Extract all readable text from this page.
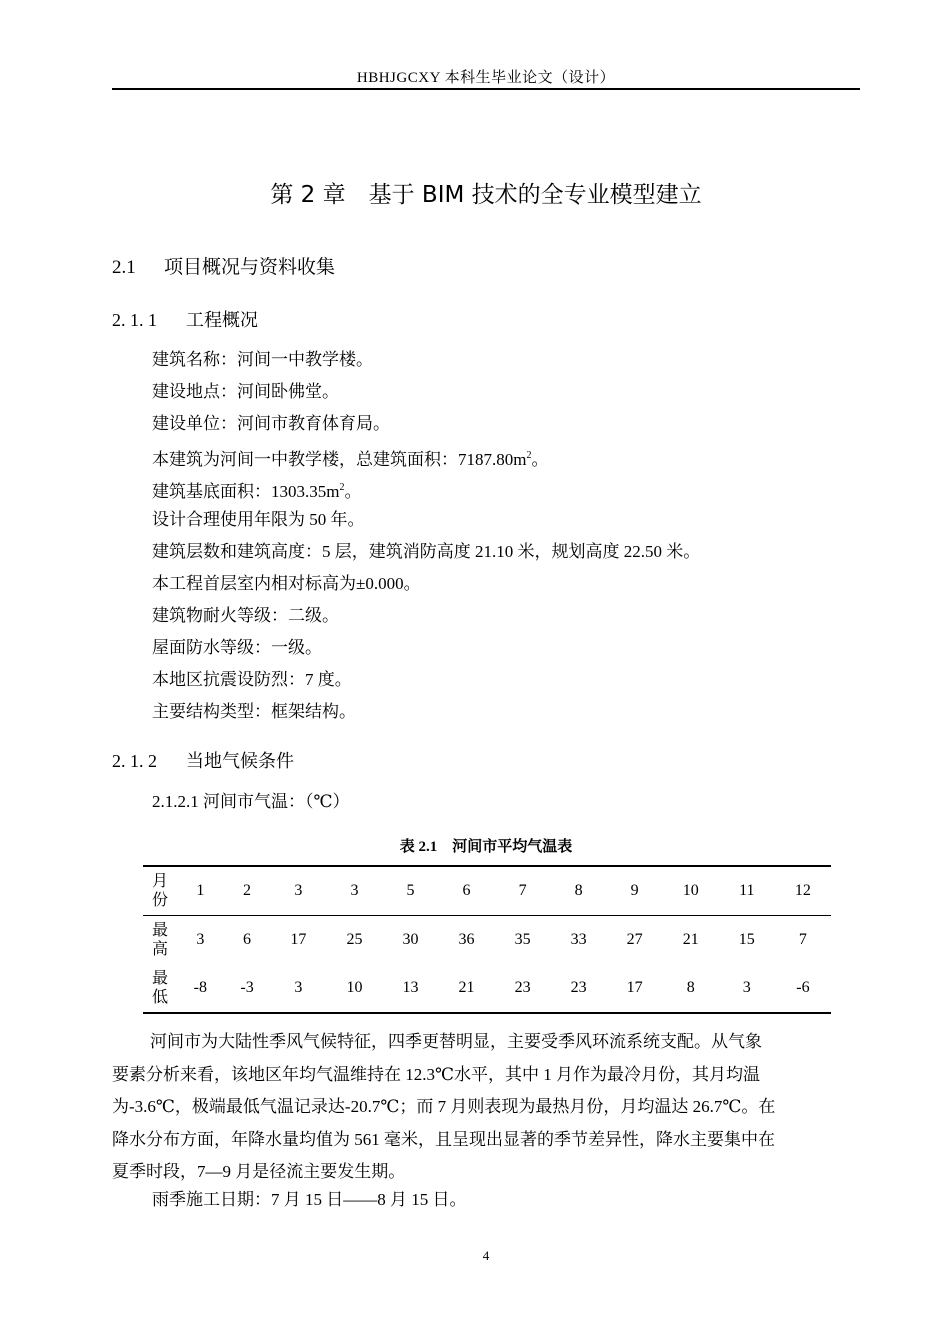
HBHJGCXY 本科生毕业论文（设计）
第 2 章　基于 BIM 技术的全专业模型建立
2.1 项目概况与资料收集
2. 1. 1 工程概况
建筑名称：河间一中教学楼。
建设地点：河间卧佛堂。
建设单位：河间市教育体育局。
本建筑为河间一中教学楼，总建筑面积：$7187.80m^2$。
建筑基底面积：$1303.35m^2$。
设计合理使用年限为 50 年。
建筑层数和建筑高度：5 层，建筑消防高度 21.10 米，规划高度 22.50 米。
本工程首层室内相对标高为±0.000。
建筑物耐火等级：二级。
屋面防水等级：一级。
本地区抗震设防烈：7 度。
主要结构类型：框架结构。
2. 1. 2 当地气候条件
2.1.2.1 河间市气温：（℃）
表 2.1　河间市平均气温表
月
份	1	2	3	3	5	6	7	8	9	10	11	12

最
高	3	6	17	25	30	36	35	33	27	21	15	7

最
低	-8	-3	3	10	13	21	23	23	17	8	3	-6
河间市为大陆性季风气候特征，四季更替明显，主要受季风环流系统支配。从气象
要素分析来看，该地区年均气温维持在 12.3℃水平，其中 1 月作为最冷月份，其月均温
为-3.6℃，极端最低气温记录达-20.7℃；而 7 月则表现为最热月份，月均温达 26.7℃。在
降水分布方面，年降水量均值为 561 毫米，且呈现出显著的季节差异性，降水主要集中在
夏季时段，7—9 月是径流主要发生期。
雨季施工日期：7 月 15 日——8 月 15 日。
4
